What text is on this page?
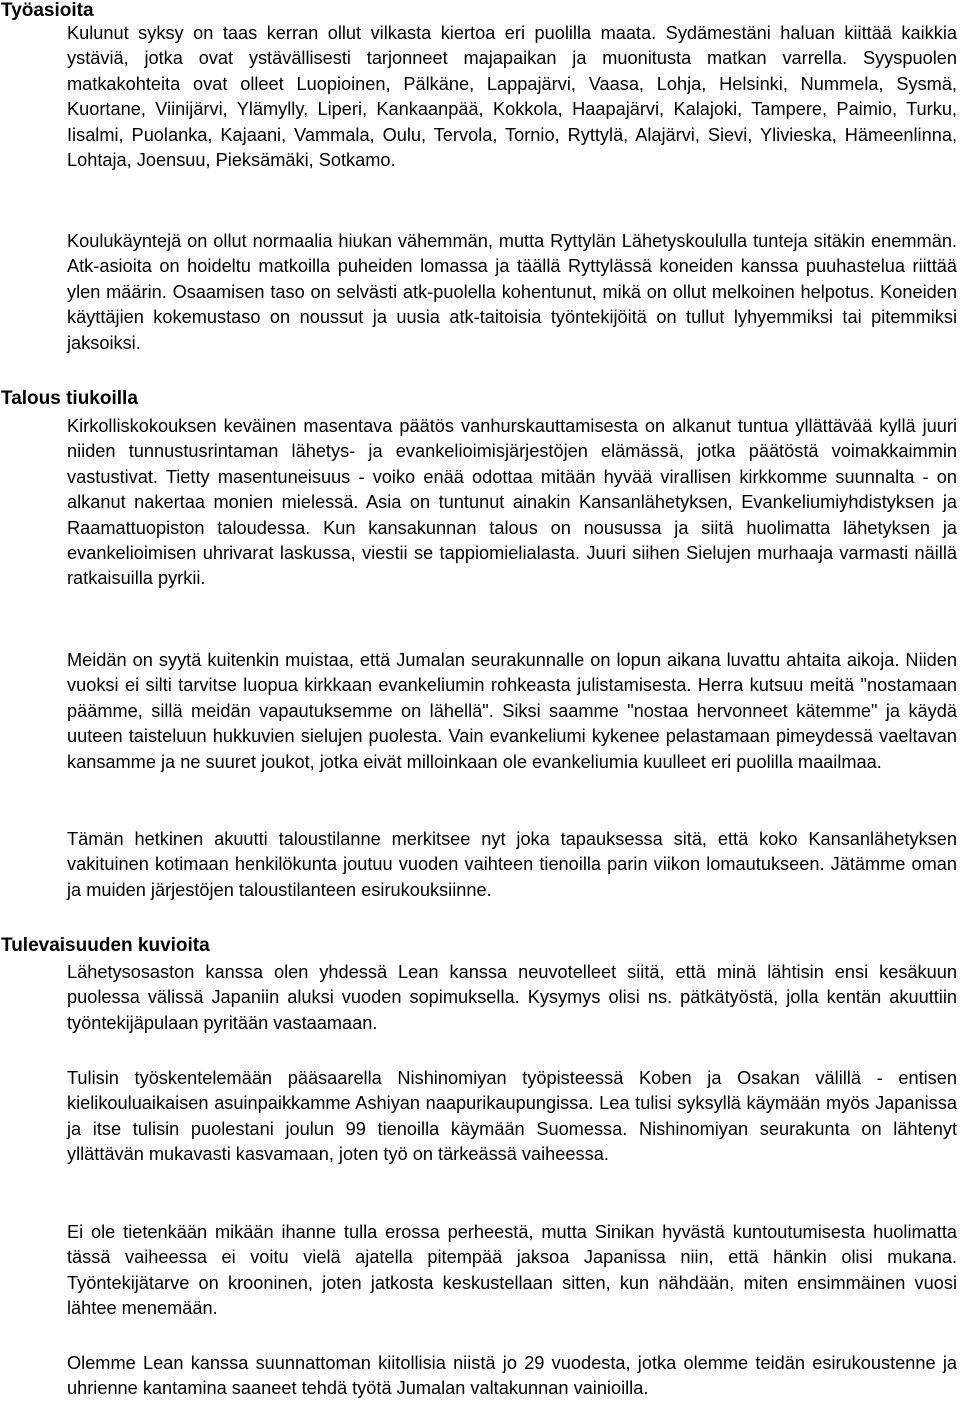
Työasioita

Kulunut syksy on taas kerran ollut vilkasta kiertoa eri puolilla maata. Sydämestäni haluan kiittää kaikkia ystäviä, jotka ovat ystävällisesti tarjonneet majapaikan ja muonitusta matkan varrella. Syyspuolen matkakohteita ovat olleet Luopioinen, Pälkäne, Lappajärvi, Vaasa, Lohja, Helsinki, Nummela, Sysmä, Kuortane, Viinijärvi, Ylämylly, Liperi, Kankaanpää, Kokkola, Haapajärvi, Kalajoki, Tampere, Paimio, Turku, Iisalmi, Puolanka, Kajaani, Vammala, Oulu, Tervola, Tornio, Ryttylä, Alajärvi, Sievi, Ylivieska, Hämeenlinna, Lohtaja, Joensuu, Pieksämäki, Sotkamo.

Koulukäyntejä on ollut normaalia hiukan vähemmän, mutta Ryttylän Lähetyskoululla tunteja sitäkin enemmän. Atk-asioita on hoideltu matkoilla puheiden lomassa ja täällä Ryttylässä koneiden kanssa puuhastelua riittää ylen määrin. Osaamisen taso on selvästi atk-puolella kohentunut, mikä on ollut melkoinen helpotus. Koneiden käyttäjien kokemustaso on noussut ja uusia atk-taitoisia työntekijöitä on tullut lyhyemmiksi tai pitemmiksi jaksoiksi.

Talous tiukoilla

Kirkolliskokouksen keväinen masentava päätös vanhurskauttamisesta on alkanut tuntua yllättävää kyllä juuri niiden tunnustusrintaman lähetys- ja evankelioimisjärjestöjen elämässä, jotka päätöstä voimakkaimmin vastustivat. Tietty masentuneisuus - voiko enää odottaa mitään hyvää virallisen kirkkomme suunnalta - on alkanut nakertaa monien mielessä. Asia on tuntunut ainakin Kansanlähetyksen, Evankeliumiyhdistyksen ja Raamattuopiston taloudessa. Kun kansakunnan talous on nousussa ja siitä huolimatta lähetyksen ja evankelioimisen uhrivarat laskussa, viestii se tappiomielialasta. Juuri siihen Sielujen murhaaja varmasti näillä ratkaisuilla pyrkii.

Meidän on syytä kuitenkin muistaa, että Jumalan seurakunnalle on lopun aikana luvattu ahtaita aikoja. Niiden vuoksi ei silti tarvitse luopua kirkkaan evankeliumin rohkeasta julistamisesta. Herra kutsuu meitä "nostamaan päämme, sillä meidän vapautuksemme on lähellä". Siksi saamme "nostaa hervonneet kätemme" ja käydä uuteen taisteluun hukkuvien sielujen puolesta. Vain evankeliumi kykenee pelastamaan pimeydessä vaeltavan kansamme ja ne suuret joukot, jotka eivät milloinkaan ole evankeliumia kuulleet eri puolilla maailmaa.

Tämän hetkinen akuutti taloustilanne merkitsee nyt joka tapauksessa sitä, että koko Kansanlähetyksen vakituinen kotimaan henkilökunta joutuu vuoden vaihteen tienoilla parin viikon lomautukseen. Jätämme oman ja muiden järjestöjen taloustilanteen esirukouksiinne.

Tulevaisuuden kuvioita

Lähetysosaston kanssa olen yhdessä Lean kanssa neuvotelleet siitä, että minä lähtisin ensi kesäkuun puolessa välissä Japaniin aluksi vuoden sopimuksella. Kysymys olisi ns. pätkätyöstä, jolla kentän akuuttiin työntekijäpulaan pyritään vastaamaan.

Tulisin työskentelemään pääsaarella Nishinomiyan työpisteessä Koben ja Osakan välillä - entisen kielikouluaikaisen asuinpaikkamme Ashiyan naapurikaupungissa. Lea tulisi syksyllä käymään myös Japanissa ja itse tulisin puolestani joulun 99 tienoilla käymään Suomessa. Nishinomiyan seurakunta on lähtenyt yllättävän mukavasti kasvamaan, joten työ on tärkeässä vaiheessa.

Ei ole tietenkään mikään ihanne tulla erossa perheestä, mutta Sinikan hyvästä kuntoutumisesta huolimatta tässä vaiheessa ei voitu vielä ajatella pitempää jaksoa Japanissa niin, että hänkin olisi mukana. Työntekijätarve on krooninen, joten jatkosta keskustellaan sitten, kun nähdään, miten ensimmäinen vuosi lähtee menemään.

Olemme Lean kanssa suunnattoman kiitollisia niistä jo 29 vuodesta, jotka olemme teidän esirukoustenne ja uhrienne kantamina saaneet tehdä työtä Jumalan valtakunnan vainioilla.
